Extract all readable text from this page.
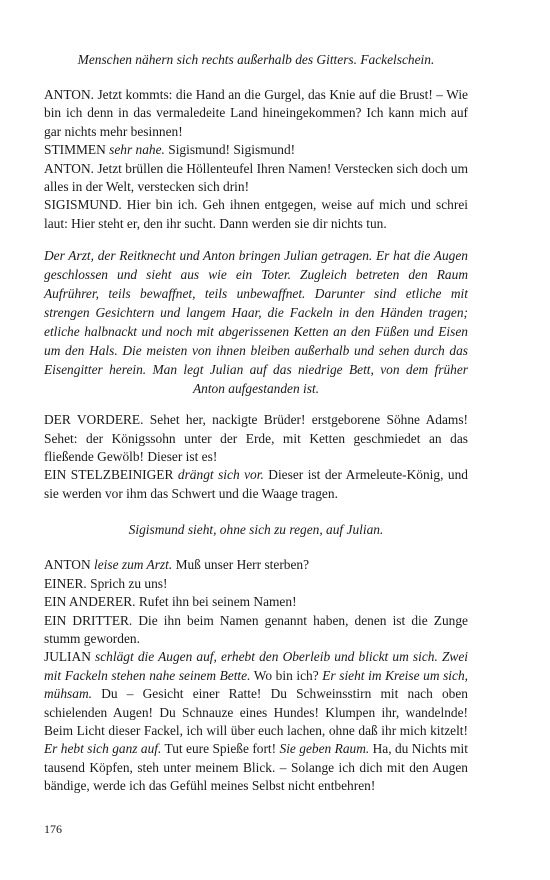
Menschen nähern sich rechts außerhalb des Gitters. Fackelschein.

ANTON. Jetzt kommts: die Hand an die Gurgel, das Knie auf die Brust! – Wie bin ich denn in das vermaledeite Land hineingekommen? Ich kann mich auf gar nichts mehr besinnen!

STIMMEN sehr nahe. Sigismund! Sigismund!

ANTON. Jetzt brüllen die Höllenteufel Ihren Namen! Verstecken sich doch um alles in der Welt, verstecken sich drin!

SIGISMUND. Hier bin ich. Geh ihnen entgegen, weise auf mich und schrei laut: Hier steht er, den ihr sucht. Dann werden sie dir nichts tun.

Der Arzt, der Reitknecht und Anton bringen Julian getragen. Er hat die Augen geschlossen und sieht aus wie ein Toter. Zugleich betreten den Raum Aufrührer, teils bewaffnet, teils unbewaffnet. Darunter sind etliche mit strengen Gesichtern und langem Haar, die Fackeln in den Händen tragen; etliche halbnackt und noch mit abgerissenen Ketten an den Füßen und Eisen um den Hals. Die meisten von ihnen bleiben außerhalb und sehen durch das Eisengitter herein. Man legt Julian auf das niedrige Bett, von dem früher Anton aufgestanden ist.

DER VORDERE. Sehet her, nackigte Brüder! erstgeborene Söhne Adams! Sehet: der Königssohn unter der Erde, mit Ketten geschmiedet an das fließende Gewölb! Dieser ist es!

EIN STELZBEINIGER drängt sich vor. Dieser ist der Armeleute-König, und sie werden vor ihm das Schwert und die Waage tragen.

Sigismund sieht, ohne sich zu regen, auf Julian.

ANTON leise zum Arzt. Muß unser Herr sterben?

EINER. Sprich zu uns!

EIN ANDERER. Rufet ihn bei seinem Namen!

EIN DRITTER. Die ihn beim Namen genannt haben, denen ist die Zunge stumm geworden.

JULIAN schlägt die Augen auf, erhebt den Oberleib und blickt um sich. Zwei mit Fackeln stehen nahe seinem Bette. Wo bin ich? Er sieht im Kreise um sich, mühsam. Du – Gesicht einer Ratte! Du Schweinsstirn mit nach oben schielenden Augen! Du Schnauze eines Hundes! Klumpen ihr, wandelnde! Beim Licht dieser Fackel, ich will über euch lachen, ohne daß ihr mich kitzelt! Er hebt sich ganz auf. Tut eure Spieße fort! Sie geben Raum. Ha, du Nichts mit tausend Köpfen, steh unter meinem Blick. – Solange ich dich mit den Augen bändige, werde ich das Gefühl meines Selbst nicht entbehren!

176
